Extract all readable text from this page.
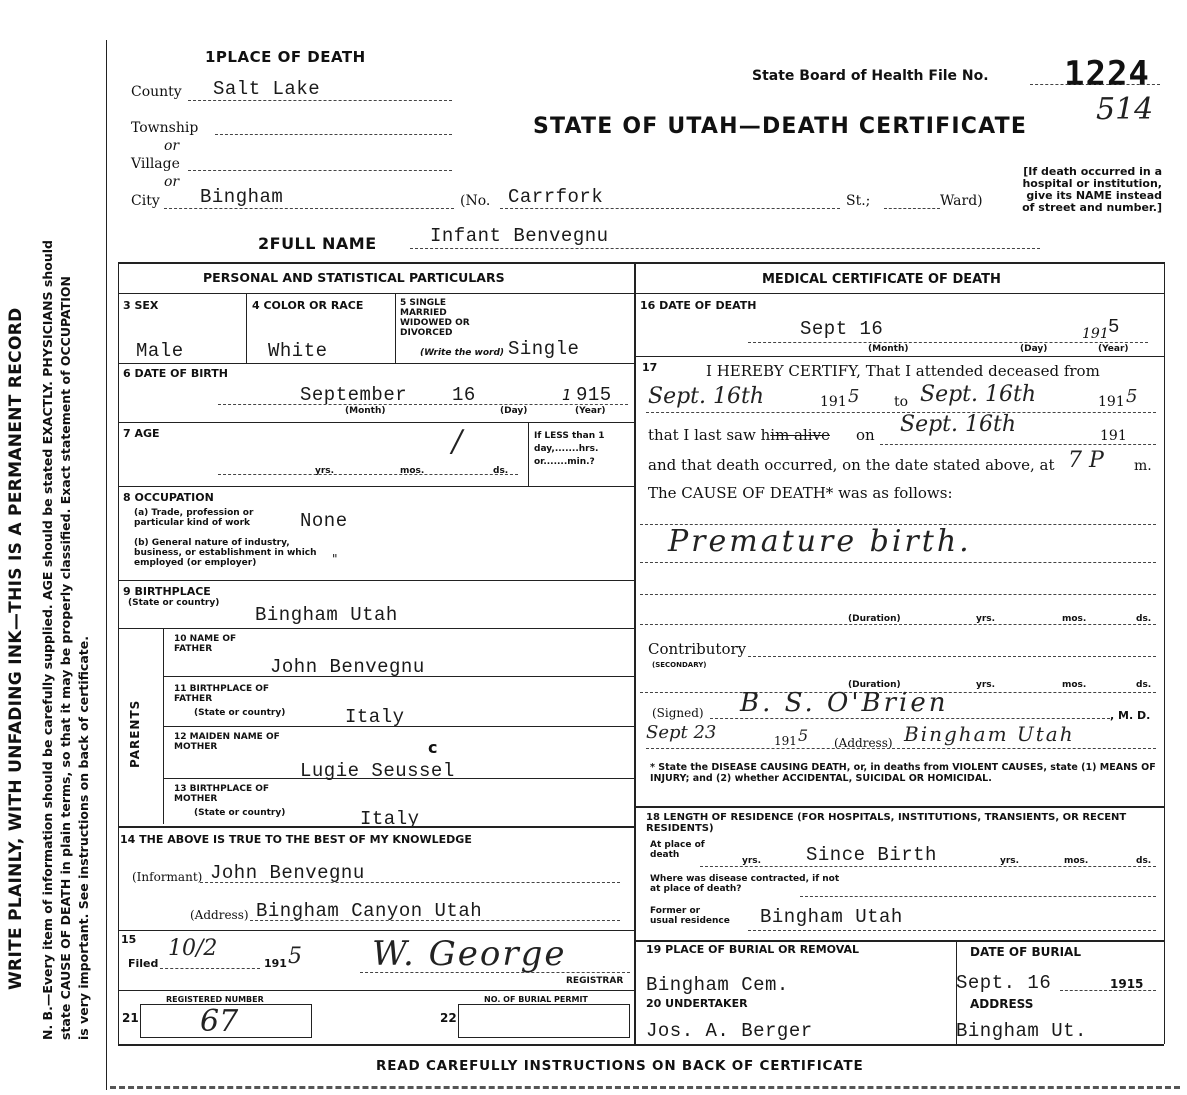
WRITE PLAINLY, WITH UNFADING INK—THIS IS A PERMANENT RECORD N. B.—Every item of information should be carefully supplied. AGE should be stated EXACTLY. PHYSICIANS should state CAUSE OF DEATH in plain terms, so that it may be properly classified. Exact statement of OCCUPATION is very important. See instructions on back of certificate.
1PLACE OF DEATH
County Salt Lake
Township
or
Village
or
City Bingham	(No. Carrfork	St.;	Ward)
State Board of Health File No. 1224
514
STATE OF UTAH—DEATH CERTIFICATE
[If death occurred in a hospital or institution, give its NAME instead of street and number.]
2FULL NAME	Infant Benvegnu
PERSONAL AND STATISTICAL PARTICULARS
3 SEX
Male
4 COLOR OR RACE
White
5 SINGLE MARRIED WIDOWED OR DIVORCED
(Write the word) Single
6 DATE OF BIRTH
September 16	1 915
(Month)	(Day)	(Year)
7 AGE	/
yrs.	mos.	ds.
If LESS than 1 day,.......hrs. or.......min.?
8 OCCUPATION
(a) Trade, profession or particular kind of work	None
(b) General nature of industry, business, or establishment in which employed (or employer)	"
9 BIRTHPLACE
(State or country)
Bingham Utah
PARENTS
10 NAME OF FATHER
John Benvegnu
11 BIRTHPLACE OF FATHER
(State or country)	Italy
12 MAIDEN NAME OF MOTHER	c
Lugie Seussel
13 BIRTHPLACE OF MOTHER
(State or country)	Italy
14 THE ABOVE IS TRUE TO THE BEST OF MY KNOWLEDGE
(Informant) John Benvegnu
(Address) Bingham Canyon Utah
15
Filed
10/2
191 5 W. George
REGISTRAR
REGISTERED NUMBER
21 67
NO. OF BURIAL PERMIT
22
MEDICAL CERTIFICATE OF DEATH
16 DATE OF DEATH
Sept 16	191 5
(Month)	(Day)	(Year)
17	I HEREBY CERTIFY, That I attended deceased from
Sept. 16th	191 5 to Sept. 16th	191 5
that I last saw him alive on Sept. 16th	191
and that death occurred, on the date stated above, at 7 P m.
The CAUSE OF DEATH* was as follows:
Premature birth.
(Duration)	yrs.	mos.	ds.
Contributory
(SECONDARY)
(Duration)	yrs.	mos.	ds.
(Signed) B. S. O'Brien	, M. D.
Sept 23	191 5 (Address) Bingham Utah
* State the DISEASE CAUSING DEATH, or, in deaths from VIOLENT CAUSES, state (1) MEANS OF INJURY; and (2) whether ACCIDENTAL, SUICIDAL OR HOMICIDAL.
18 LENGTH OF RESIDENCE (FOR HOSPITALS, INSTITUTIONS, TRANSIENTS, OR RECENT RESIDENTS)
At place of death
yrs. Since Birth	yrs.	mos.	ds.
Where was disease contracted, if not at place of death?
Former or usual residence Bingham Utah
19 PLACE OF BURIAL OR REMOVAL	DATE OF BURIAL
Bingham Cem.	Sept. 16	1915
20 UNDERTAKER	ADDRESS
Jos. A. Berger	Bingham Ut.
READ CAREFULLY INSTRUCTIONS ON BACK OF CERTIFICATE
